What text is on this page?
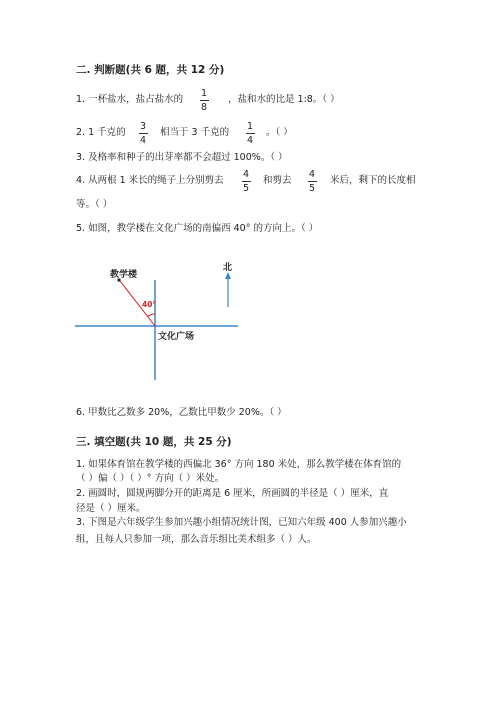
二. 判断题(共 6 题，共 12 分)
1. 一杯盐水，盐占盐水的
1
8
，盐和水的比是 1:8。（ ）
2. 1 千克的
3
4
相当于 3 千克的
1
4
。（ ）
3. 及格率和种子的出芽率都不会超过 100%。（ ）
4. 从两根 1 米长的绳子上分别剪去
4
5
和剪去
4
5
米后，剩下的长度相
等。（ ）
5. 如图，教学楼在文化广场的南偏西 40° 的方向上。（ ）
教学楼
北
40°
文化广场
6. 甲数比乙数多 20%，乙数比甲数少 20%。（ ）
三. 填空题(共 10 题，共 25 分)
1. 如果体育馆在教学楼的西偏北 36° 方向 180 米处，那么教学楼在体育馆的
（ ）偏（ ）（ ）° 方向（ ）米处。
2. 画圆时，圆规两脚分开的距离是 6 厘米，所画圆的半径是（ ）厘米，直
径是（ ）厘米。
3. 下图是六年级学生参加兴趣小组情况统计图，已知六年级 400 人参加兴趣小
组，且每人只参加一项，那么音乐组比美术组多（ ）人。
